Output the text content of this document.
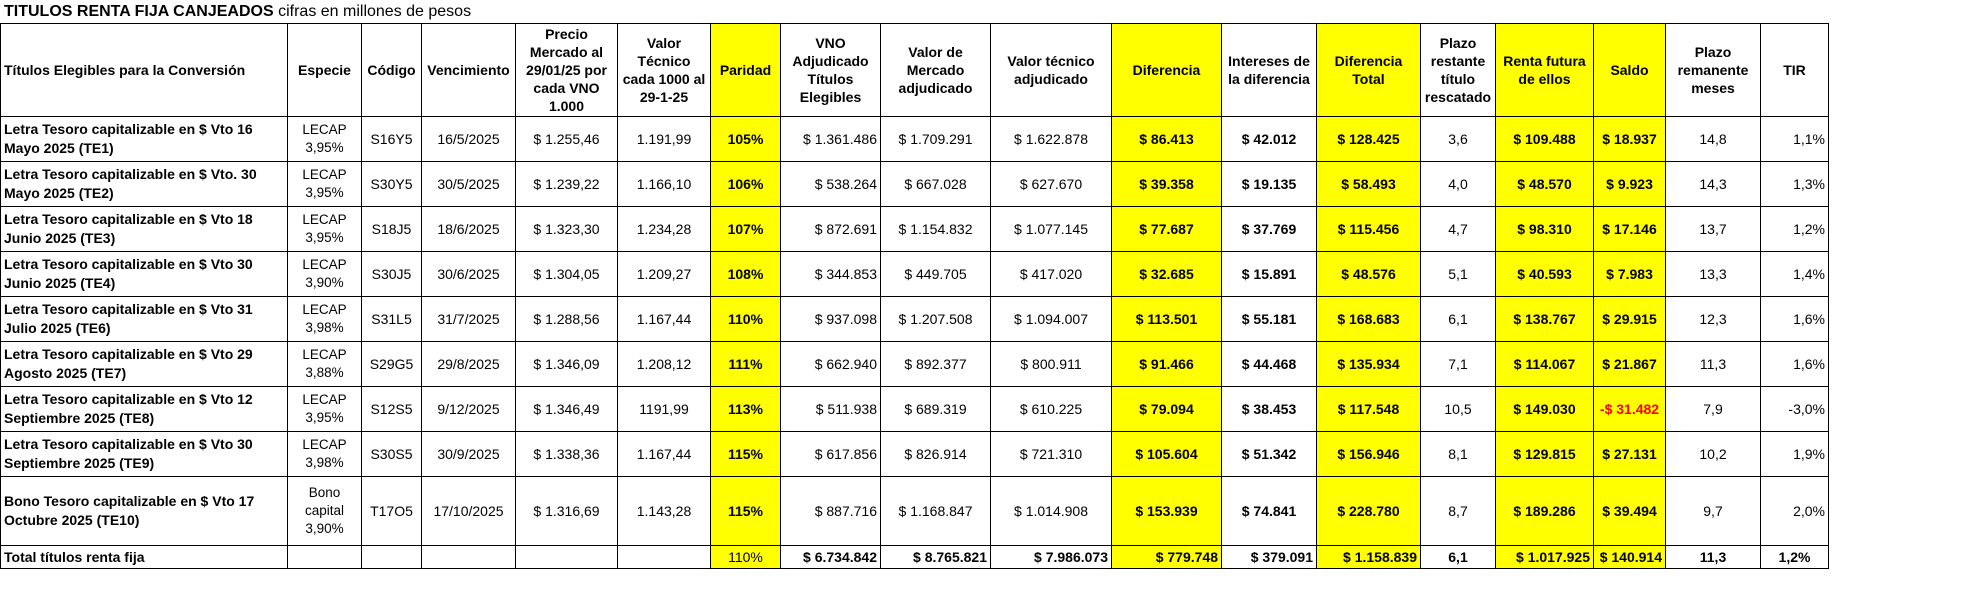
TITULOS RENTA FIJA CANJEADOS cifras en millones de pesos
Títulos Elegibles para la Conversión	Especie	Código	Vencimiento	Precio Mercado al 29/01/25 por cada VNO 1.000	Valor Técnico cada 1000 al 29-1-25	Paridad	VNO Adjudicado Títulos Elegibles	Valor de Mercado adjudicado	Valor técnico adjudicado	Diferencia	Intereses de la diferencia	Diferencia Total	Plazo restante título rescatado	Renta futura de ellos	Saldo	Plazo remanente meses	TIR
Letra Tesoro capitalizable en $ Vto 16 Mayo 2025 (TE1)	LECAP 3,95%	S16Y5	16/5/2025	$ 1.255,46	1.191,99	105%	$ 1.361.486	$ 1.709.291	$ 1.622.878	$ 86.413	$ 42.012	$ 128.425	3,6	$ 109.488	$ 18.937	14,8	1,1%
Letra Tesoro capitalizable en $ Vto. 30 Mayo 2025 (TE2)	LECAP 3,95%	S30Y5	30/5/2025	$ 1.239,22	1.166,10	106%	$ 538.264	$ 667.028	$ 627.670	$ 39.358	$ 19.135	$ 58.493	4,0	$ 48.570	$ 9.923	14,3	1,3%
Letra Tesoro capitalizable en $ Vto 18 Junio 2025 (TE3)	LECAP 3,95%	S18J5	18/6/2025	$ 1.323,30	1.234,28	107%	$ 872.691	$ 1.154.832	$ 1.077.145	$ 77.687	$ 37.769	$ 115.456	4,7	$ 98.310	$ 17.146	13,7	1,2%
Letra Tesoro capitalizable en $ Vto 30 Junio 2025 (TE4)	LECAP 3,90%	S30J5	30/6/2025	$ 1.304,05	1.209,27	108%	$ 344.853	$ 449.705	$ 417.020	$ 32.685	$ 15.891	$ 48.576	5,1	$ 40.593	$ 7.983	13,3	1,4%
Letra Tesoro capitalizable en $ Vto 31 Julio 2025 (TE6)	LECAP 3,98%	S31L5	31/7/2025	$ 1.288,56	1.167,44	110%	$ 937.098	$ 1.207.508	$ 1.094.007	$ 113.501	$ 55.181	$ 168.683	6,1	$ 138.767	$ 29.915	12,3	1,6%
Letra Tesoro capitalizable en $ Vto 29 Agosto 2025 (TE7)	LECAP 3,88%	S29G5	29/8/2025	$ 1.346,09	1.208,12	111%	$ 662.940	$ 892.377	$ 800.911	$ 91.466	$ 44.468	$ 135.934	7,1	$ 114.067	$ 21.867	11,3	1,6%
Letra Tesoro capitalizable en $ Vto 12 Septiembre 2025 (TE8)	LECAP 3,95%	S12S5	9/12/2025	$ 1.346,49	1191,99	113%	$ 511.938	$ 689.319	$ 610.225	$ 79.094	$ 38.453	$ 117.548	10,5	$ 149.030	-$ 31.482	7,9	-3,0%
Letra Tesoro capitalizable en $ Vto 30 Septiembre 2025 (TE9)	LECAP 3,98%	S30S5	30/9/2025	$ 1.338,36	1.167,44	115%	$ 617.856	$ 826.914	$ 721.310	$ 105.604	$ 51.342	$ 156.946	8,1	$ 129.815	$ 27.131	10,2	1,9%
Bono Tesoro capitalizable en $ Vto 17 Octubre 2025 (TE10)	Bono capital 3,90%	T17O5	17/10/2025	$ 1.316,69	1.143,28	115%	$ 887.716	$ 1.168.847	$ 1.014.908	$ 153.939	$ 74.841	$ 228.780	8,7	$ 189.286	$ 39.494	9,7	2,0%
Total títulos renta fija						110%	$ 6.734.842	$ 8.765.821	$ 7.986.073	$ 779.748	$ 379.091	$ 1.158.839	6,1	$ 1.017.925	$ 140.914	11,3	1,2%
